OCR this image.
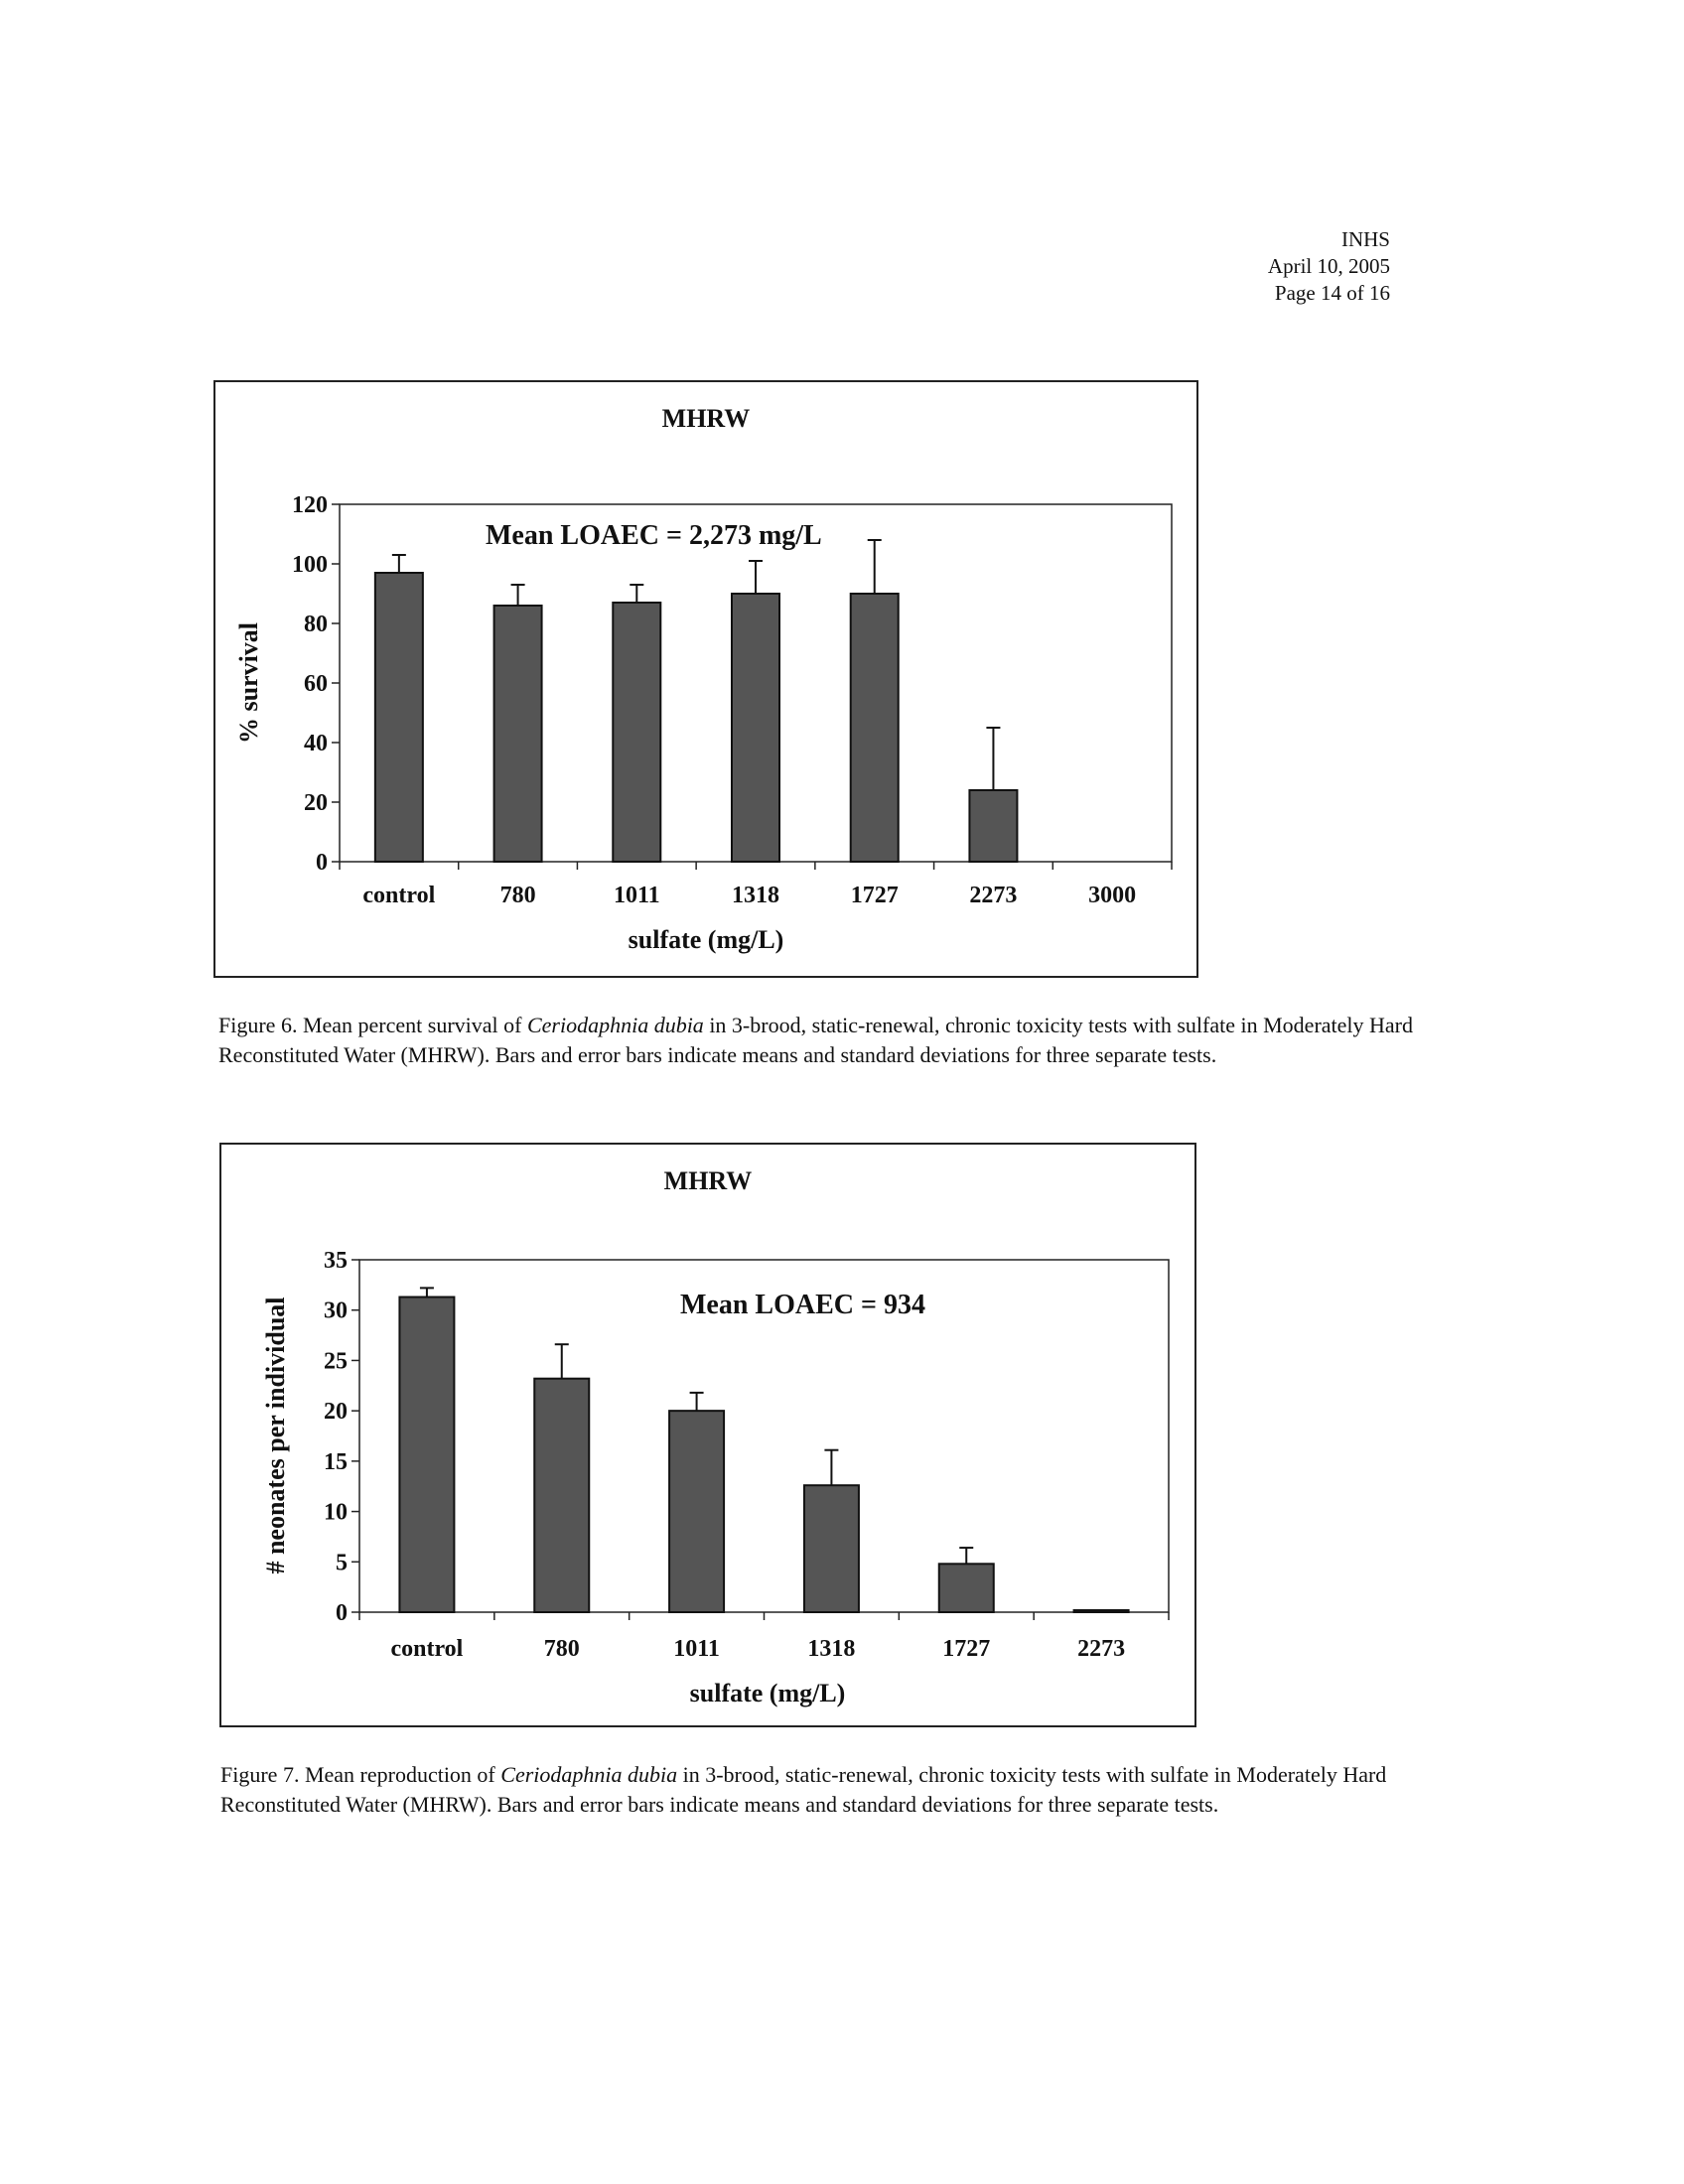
INHS
April 10, 2005
Page 14 of 16
MHRW
0
20
40
60
80
100
120
control	780	1011	1318	1727	2273	3000
sulfate (mg/L)
% survival
Mean LOAEC = 2,273 mg/L
Figure 6. Mean percent survival of Ceriodaphnia dubia in 3-brood, static-renewal, chronic toxicity tests with sulfate in Moderately Hard Reconstituted Water (MHRW). Bars and error bars indicate means and standard deviations for three separate tests.
MHRW
0
5
10
15
20
25
30
35
control	780	1011	1318	1727	2273
sulfate (mg/L)
# neonates per individual	Mean LOAEC = 934
Figure 7. Mean reproduction of Ceriodaphnia dubia in 3-brood, static-renewal, chronic toxicity tests with sulfate in Moderately Hard Reconstituted Water (MHRW). Bars and error bars indicate means and standard deviations for three separate tests.
